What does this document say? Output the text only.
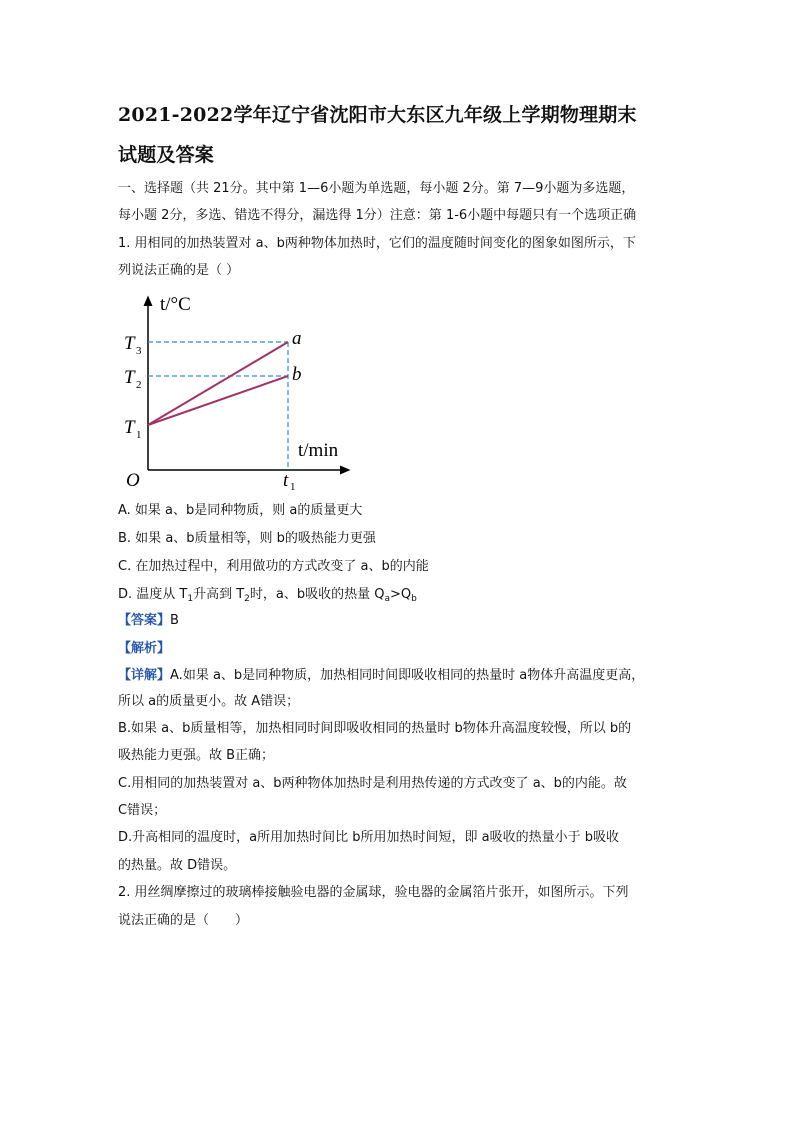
2021-2022学年辽宁省沈阳市大东区九年级上学期物理期末
试题及答案
一、选择题（共 21分。其中第 1—6小题为单选题，每小题 2分。第 7—9小题为多选题，
每小题 2分，多选、错选不得分，漏选得 1分）注意：第 1-6小题中每题只有一个选项正确
1. 用相同的加热装置对 a、b两种物体加热时，它们的温度随时间变化的图象如图所示，下
列说法正确的是（ ）
t/°C
t/min
O
T 3
T 2
T 1
t 1
a
b
A. 如果 a、b是同种物质，则 a的质量更大
B. 如果 a、b质量相等，则 b的吸热能力更强
C. 在加热过程中，利用做功的方式改变了 a、b的内能
D. 温度从 $T_1$升高到 $T_2$时，a、b吸收的热量 $Q_a>Q_b$
【答案】B
【解析】
【详解】A.如果 a、b是同种物质，加热相同时间即吸收相同的热量时 a物体升高温度更高，
所以 a的质量更小。故 A错误；
B.如果 a、b质量相等，加热相同时间即吸收相同的热量时 b物体升高温度较慢，所以 b的
吸热能力更强。故 B正确；
C.用相同的加热装置对 a、b两种物体加热时是利用热传递的方式改变了 a、b的内能。故
C错误；
D.升高相同的温度时，a所用加热时间比 b所用加热时间短，即 a吸收的热量小于 b吸收
的热量。故 D错误。
2. 用丝绸摩擦过的玻璃棒接触验电器的金属球，验电器的金属箔片张开，如图所示。下列
说法正确的是（　　）
